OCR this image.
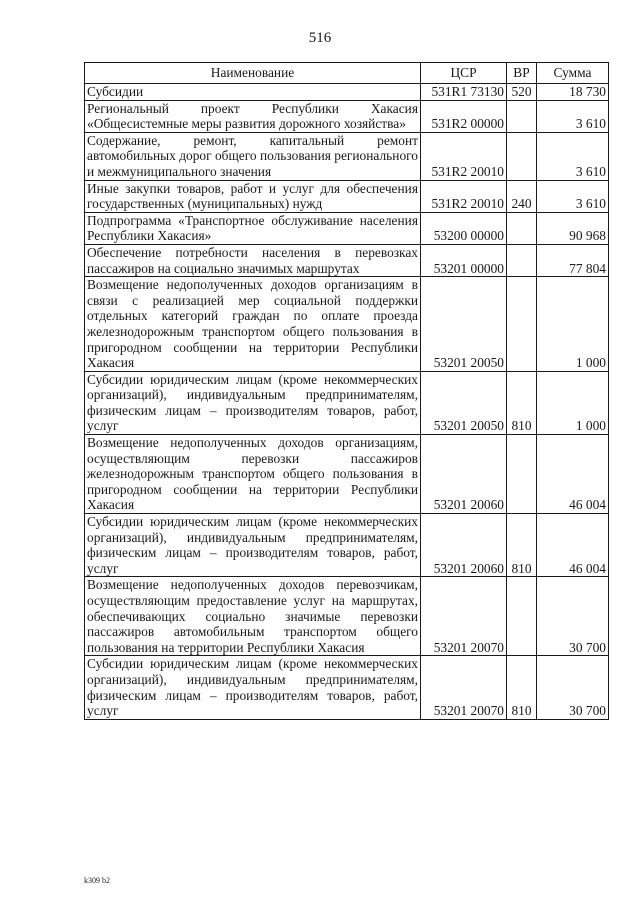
516
Наименование	ЦСР	ВР	Сумма
Субсидии	531R1 73130	520	18 730
Региональный проект Республики Хакасия «Общесистемные меры развития дорожного хозяйства»	531R2 00000		3 610
Содержание, ремонт, капитальный ремонт автомобильных дорог общего пользования регионального и межмуниципального значения	531R2 20010		3 610
Иные закупки товаров, работ и услуг для обеспечения государственных (муниципальных) нужд	531R2 20010	240	3 610
Подпрограмма «Транспортное обслуживание населения Республики Хакасия»	53200 00000		90 968
Обеспечение потребности населения в перевозках пассажиров на социально значимых маршрутах	53201 00000		77 804
Возмещение недополученных доходов организациям в связи с реализацией мер социальной поддержки отдельных категорий граждан по оплате проезда железнодорожным транспортом общего пользования в пригородном сообщении на территории Республики Хакасия	53201 20050		1 000
Субсидии юридическим лицам (кроме некоммерческих организаций), индивидуальным предпринимателям, физическим лицам – производителям товаров, работ, услуг	53201 20050	810	1 000
Возмещение недополученных доходов организациям, осуществляющим перевозки пассажиров железнодорожным транспортом общего пользования в пригородном сообщении на территории Республики Хакасия	53201 20060		46 004
Субсидии юридическим лицам (кроме некоммерческих организаций), индивидуальным предпринимателям, физическим лицам – производителям товаров, работ, услуг	53201 20060	810	46 004
Возмещение недополученных доходов перевозчикам, осуществляющим предоставление услуг на маршрутах, обеспечивающих социально значимые перевозки пассажиров автомобильным транспортом общего пользования на территории Республики Хакасия	53201 20070		30 700
Субсидии юридическим лицам (кроме некоммерческих организаций), индивидуальным предпринимателям, физическим лицам – производителям товаров, работ, услуг	53201 20070	810	30 700
k309 b2
